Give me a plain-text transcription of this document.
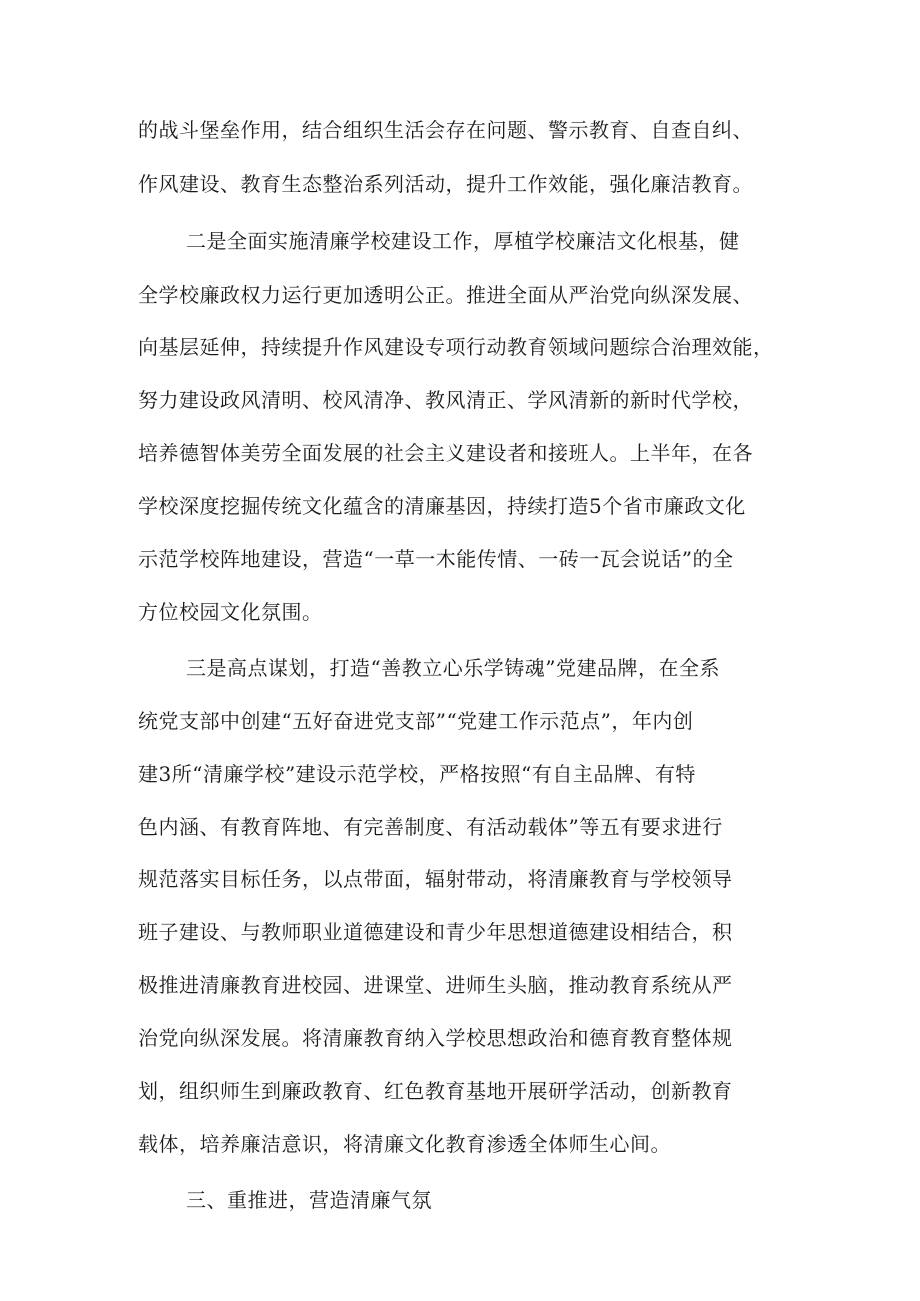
的战斗堡垒作用，结合组织生活会存在问题、警示教育、自查自纠、

作风建设、教育生态整治系列活动，提升工作效能，强化廉洁教育。

二是全面实施清廉学校建设工作，厚植学校廉洁文化根基，健

全学校廉政权力运行更加透明公正。推进全面从严治党向纵深发展、

向基层延伸，持续提升作风建设专项行动教育领域问题综合治理效能，

努力建设政风清明、校风清净、教风清正、学风清新的新时代学校，

培养德智体美劳全面发展的社会主义建设者和接班人。上半年，在各

学校深度挖掘传统文化蕴含的清廉基因，持续打造5个省市廉政文化

示范学校阵地建设，营造“一草一木能传情、一砖一瓦会说话”的全

方位校园文化氛围。

三是高点谋划，打造“善教立心乐学铸魂”党建品牌，在全系

统党支部中创建“五好奋进党支部”“党建工作示范点”，年内创

建3所“清廉学校”建设示范学校，严格按照“有自主品牌、有特

色内涵、有教育阵地、有完善制度、有活动载体”等五有要求进行

规范落实目标任务，以点带面，辐射带动，将清廉教育与学校领导

班子建设、与教师职业道德建设和青少年思想道德建设相结合，积

极推进清廉教育进校园、进课堂、进师生头脑，推动教育系统从严

治党向纵深发展。将清廉教育纳入学校思想政治和德育教育整体规

划，组织师生到廉政教育、红色教育基地开展研学活动，创新教育

载体，培养廉洁意识，将清廉文化教育渗透全体师生心间。

三、重推进，营造清廉气氛
